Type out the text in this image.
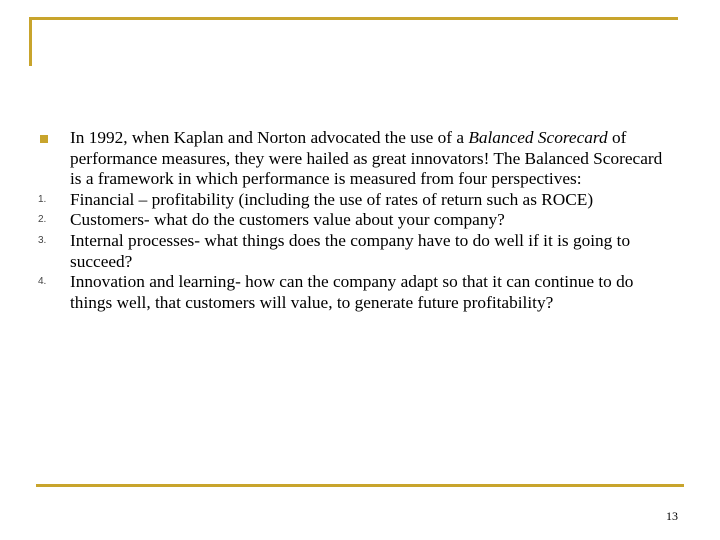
In 1992, when Kaplan and Norton advocated the use of a Balanced Scorecard of performance measures, they were hailed as great innovators! The Balanced Scorecard is a framework in which performance is measured from four perspectives:
1. Financial – profitability (including the use of rates of return such as ROCE)
2. Customers- what do the customers value about your company?
3. Internal processes- what things does the company have to do well if it is going to succeed?
4. Innovation and learning- how can the company adapt so that it can continue to do things well, that customers will value, to generate future profitability?
13
